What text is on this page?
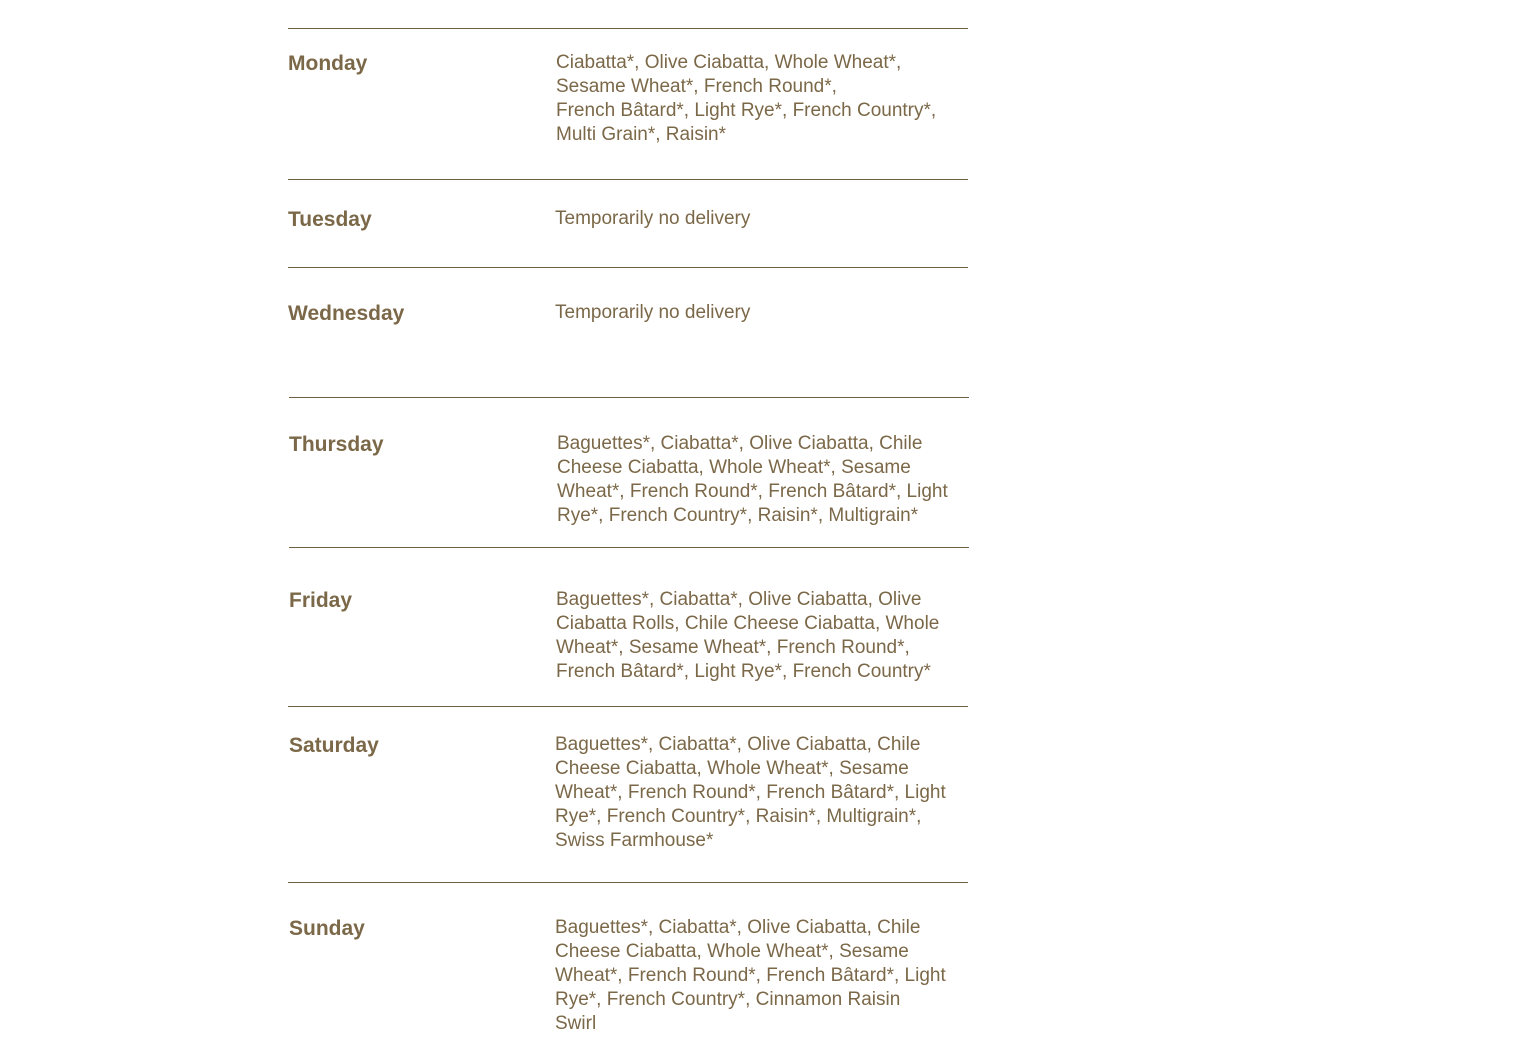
Monday	Ciabatta*, Olive Ciabatta, Whole Wheat*,
Sesame Wheat*, French Round*,
French Bâtard*, Light Rye*, French Country*,
Multi Grain*, Raisin*
Tuesday	Temporarily no delivery
Wednesday	Temporarily no delivery
Thursday	Baguettes*, Ciabatta*, Olive Ciabatta, Chile
Cheese Ciabatta, Whole Wheat*, Sesame
Wheat*, French Round*, French Bâtard*, Light
Rye*, French Country*, Raisin*, Multigrain*
Friday	Baguettes*, Ciabatta*, Olive Ciabatta, Olive
Ciabatta Rolls, Chile Cheese Ciabatta, Whole
Wheat*, Sesame Wheat*, French Round*,
French Bâtard*, Light Rye*, French Country*
Saturday	Baguettes*, Ciabatta*, Olive Ciabatta, Chile
Cheese Ciabatta, Whole Wheat*, Sesame
Wheat*, French Round*, French Bâtard*, Light
Rye*, French Country*, Raisin*, Multigrain*,
Swiss Farmhouse*
Sunday	Baguettes*, Ciabatta*, Olive Ciabatta, Chile
Cheese Ciabatta, Whole Wheat*, Sesame
Wheat*, French Round*, French Bâtard*, Light
Rye*, French Country*, Cinnamon Raisin
Swirl
